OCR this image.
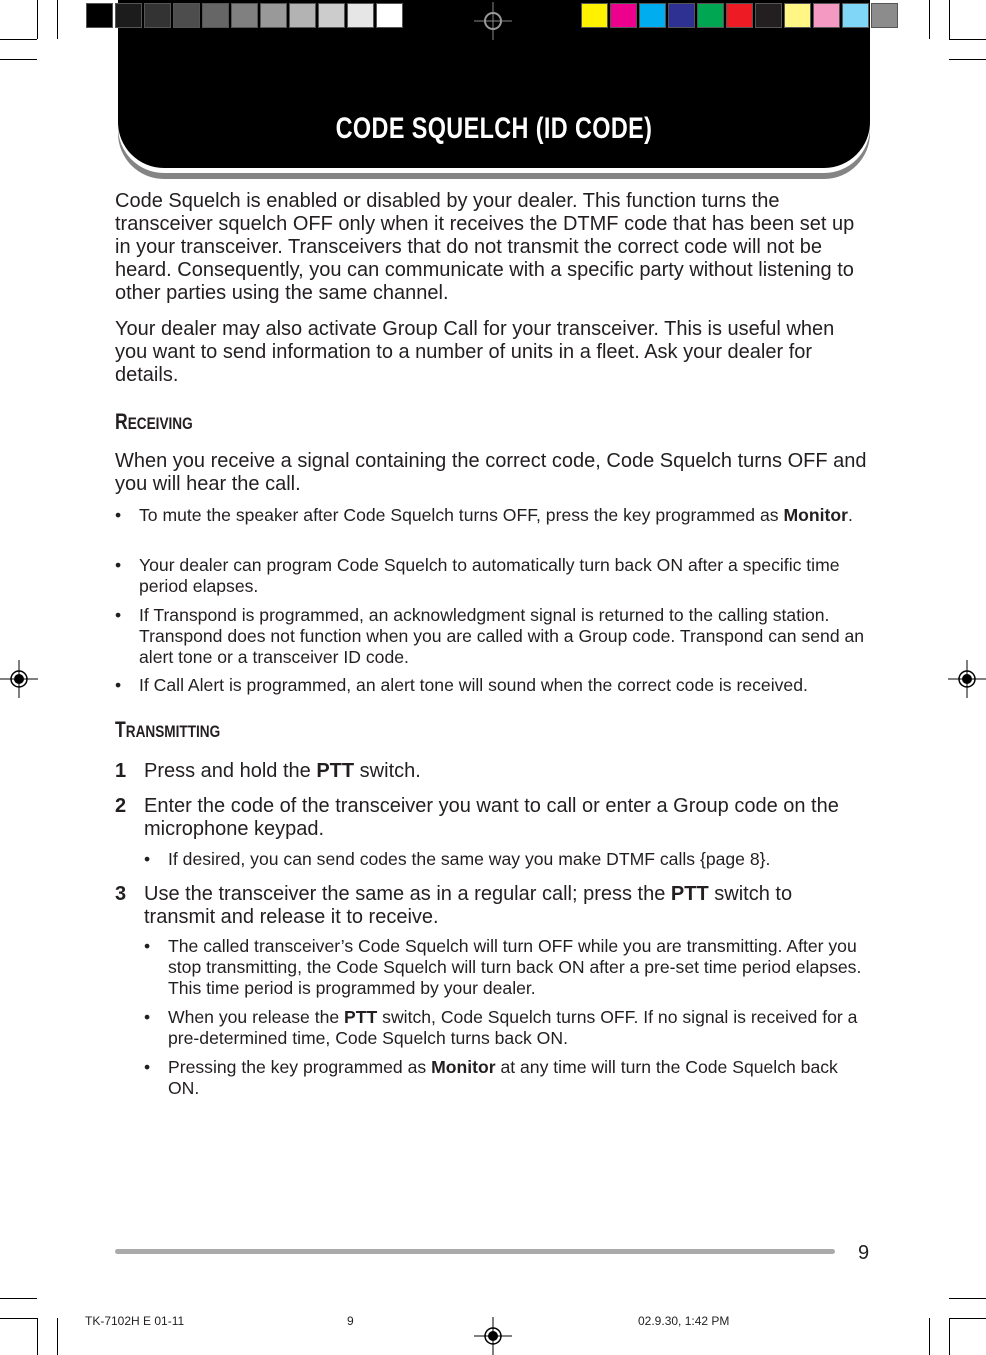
CODE SQUELCH (ID CODE)
Code Squelch is enabled or disabled by your dealer. This function turns the transceiver squelch OFF only when it receives the DTMF code that has been set up in your transceiver. Transceivers that do not transmit the correct code will not be heard. Consequently, you can communicate with a specific party without listening to other parties using the same channel.
Your dealer may also activate Group Call for your transceiver. This is useful when you want to send information to a number of units in a fleet. Ask your dealer for details.
RECEIVING
When you receive a signal containing the correct code, Code Squelch turns OFF and you will hear the call.
TRANSMITTING
9
TK-7102H E 01-11	9	02.9.30, 1:42 PM
• To mute the speaker after Code Squelch turns OFF, press the key programmed as Monitor.
• Your dealer can program Code Squelch to automatically turn back ON after a specific time period elapses.
• If Transpond is programmed, an acknowledgment signal is returned to the calling station. Transpond does not function when you are called with a Group code. Transpond can send an alert tone or a transceiver ID code.
• If Call Alert is programmed, an alert tone will sound when the correct code is received.
1 Press and hold the PTT switch.
2 Enter the code of the transceiver you want to call or enter a Group code on the microphone keypad.
3 Use the transceiver the same as in a regular call; press the PTT switch to transmit and release it to receive.
• If desired, you can send codes the same way you make DTMF calls {page 8}.
• The called transceiver’s Code Squelch will turn OFF while you are transmitting. After you stop transmitting, the Code Squelch will turn back ON after a pre-set time period elapses. This time period is programmed by your dealer.
• When you release the PTT switch, Code Squelch turns OFF. If no signal is received for a pre-determined time, Code Squelch turns back ON.
• Pressing the key programmed as Monitor at any time will turn the Code Squelch back ON.
